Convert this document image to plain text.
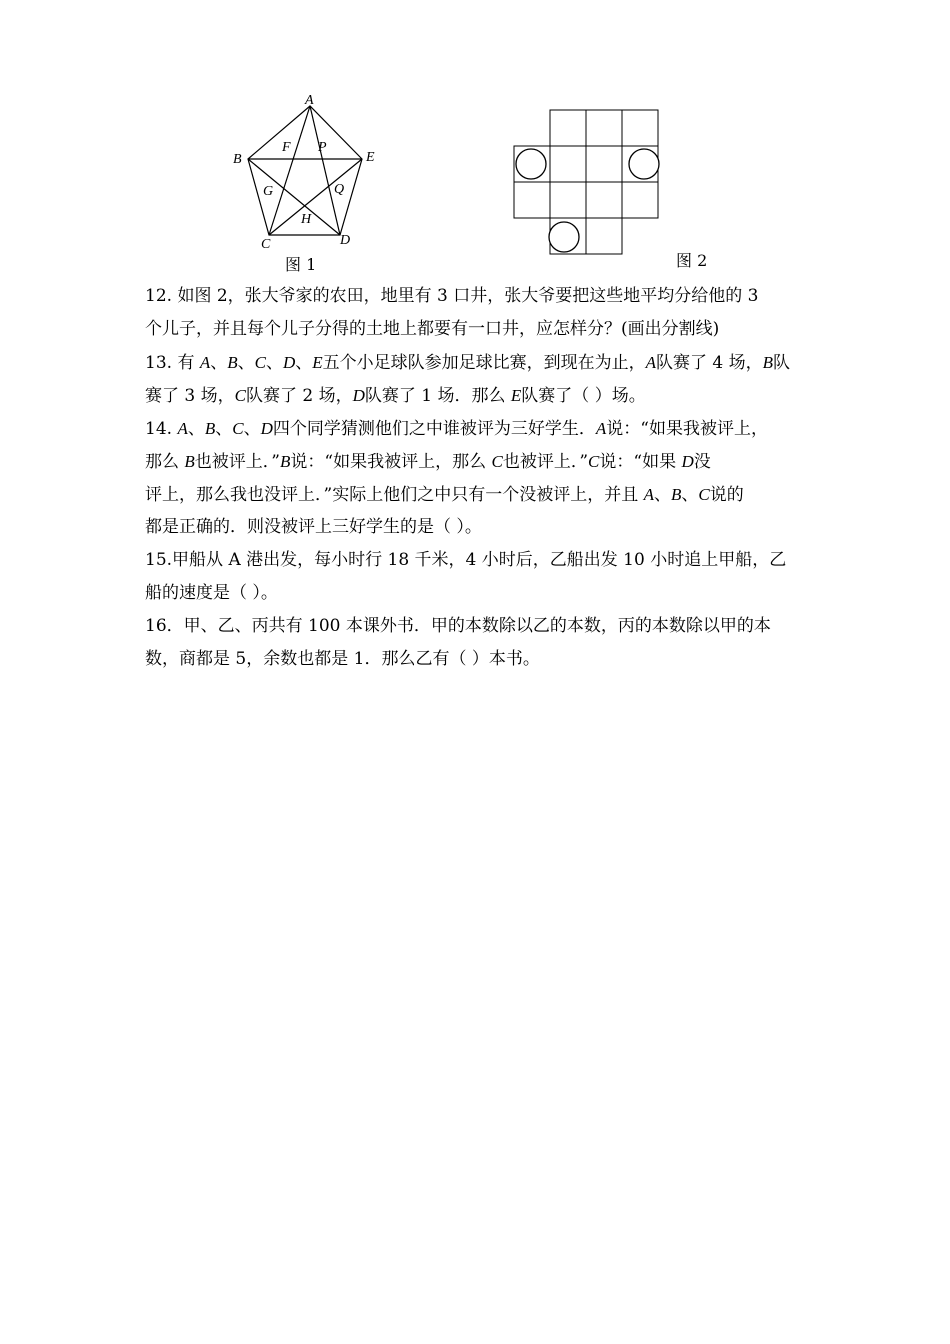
A
B
C	D
E
F P
G	Q
H
图 1	图 2
12. 如图 2，张大爷家的农田，地里有 3 口井，张大爷要把这些地平均分给他的 3
个儿子，并且每个儿子分得的土地上都要有一口井，应怎样分？(画出分割线)
13. 有 A、B、C、D、E五个小足球队参加足球比赛，到现在为止，A队赛了 4 场，B队
赛了 3 场，C队赛了 2 场，D队赛了 1 场．那么 E队赛了（ ）场。
14. A、B、C、D四个同学猜测他们之中谁被评为三好学生．A说：“如果我被评上，
那么 B也被评上．”B说：“如果我被评上，那么 C也被评上．”C说：“如果 D没
评上，那么我也没评上．”实际上他们之中只有一个没被评上，并且 A、B、C说的
都是正确的．则没被评上三好学生的是（ ）。
15.甲船从 A 港出发，每小时行 18 千米，4 小时后，乙船出发 10 小时追上甲船，乙
船的速度是（ ）。
16．甲、乙、丙共有 100 本课外书．甲的本数除以乙的本数，丙的本数除以甲的本
数，商都是 5，余数也都是 1．那么乙有（ ）本书。
